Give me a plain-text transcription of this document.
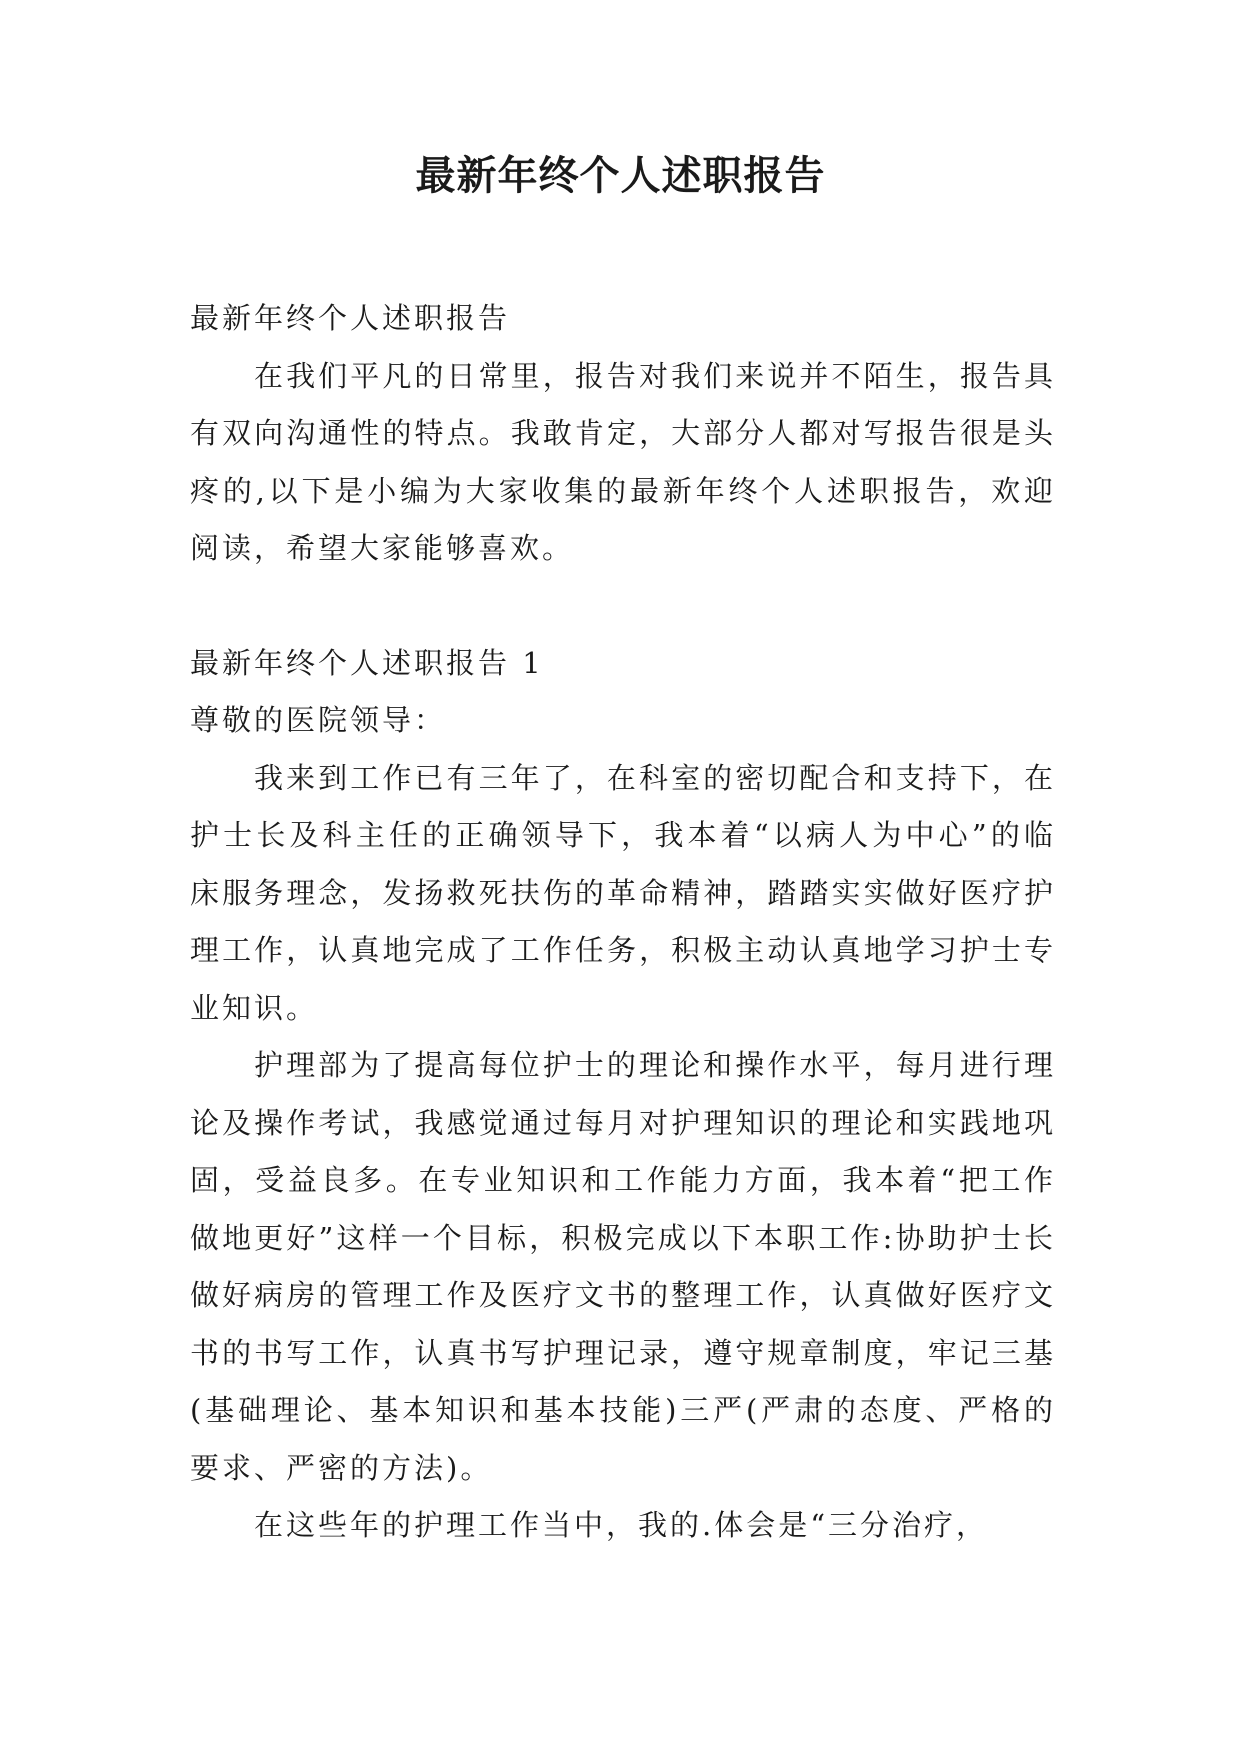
最新年终个人述职报告

最新年终个人述职报告

在我们平凡的日常里，报告对我们来说并不陌生，报告具有双向沟通性的特点。我敢肯定，大部分人都对写报告很是头疼的,以下是小编为大家收集的最新年终个人述职报告，欢迎阅读，希望大家能够喜欢。

最新年终个人述职报告 1

尊敬的医院领导：

我来到工作已有三年了，在科室的密切配合和支持下，在护士长及科主任的正确领导下，我本着“以病人为中心”的临床服务理念，发扬救死扶伤的革命精神，踏踏实实做好医疗护理工作，认真地完成了工作任务，积极主动认真地学习护士专业知识。

护理部为了提高每位护士的理论和操作水平，每月进行理论及操作考试，我感觉通过每月对护理知识的理论和实践地巩固，受益良多。在专业知识和工作能力方面，我本着“把工作做地更好”这样一个目标，积极完成以下本职工作:协助护士长做好病房的管理工作及医疗文书的整理工作，认真做好医疗文书的书写工作，认真书写护理记录，遵守规章制度，牢记三基(基础理论、基本知识和基本技能)三严(严肃的态度、严格的要求、严密的方法)。

在这些年的护理工作当中，我的.体会是“三分治疗，
